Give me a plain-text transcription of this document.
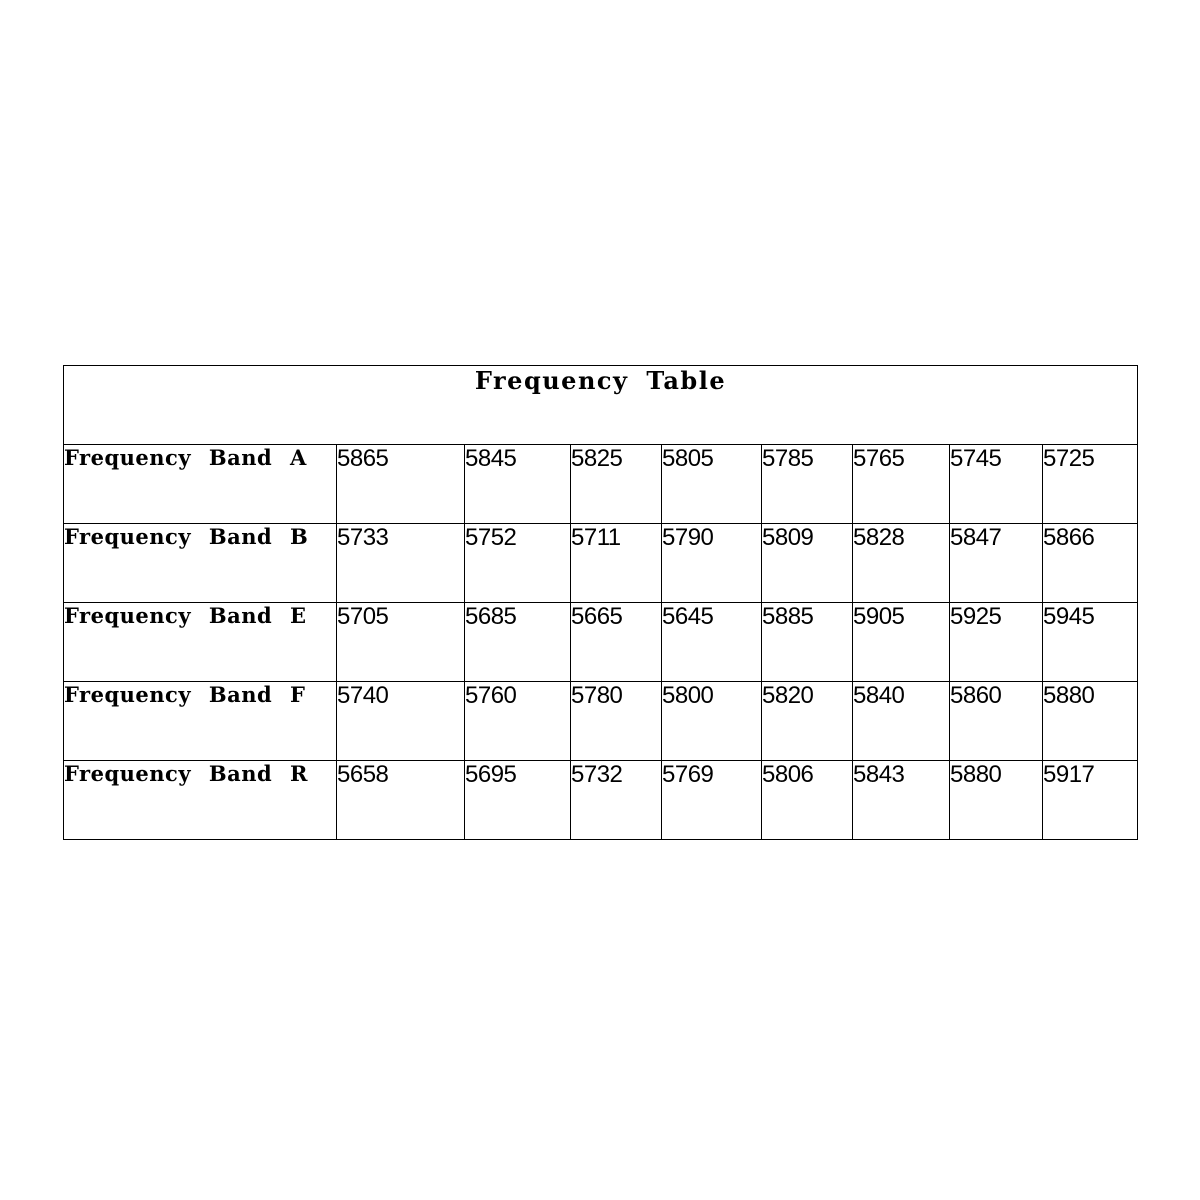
Frequency Table								
Frequency Band A	5865	5845	5825	5805	5785	5765	5745	5725
Frequency Band B	5733	5752	5711	5790	5809	5828	5847	5866
Frequency Band E	5705	5685	5665	5645	5885	5905	5925	5945
Frequency Band F	5740	5760	5780	5800	5820	5840	5860	5880
Frequency Band R	5658	5695	5732	5769	5806	5843	5880	5917
